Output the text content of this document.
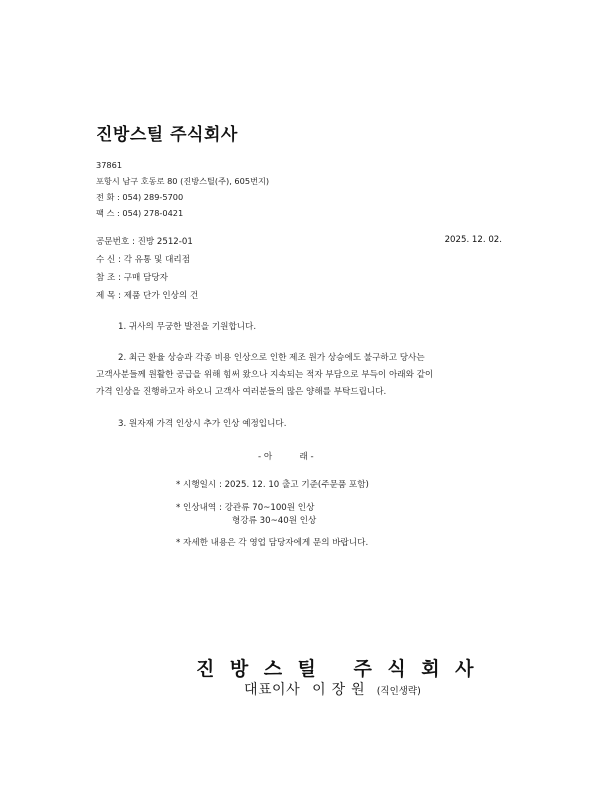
진방스틸 주식회사
37861
포항시 남구 호동로 80 (진방스틸(주), 605번지)
전 화 : 054) 289-5700
팩 스 : 054) 278-0421
공문번호 : 진방 2512-01	2025. 12. 02.
수 신 : 각 유통 및 대리점
참 조 : 구매 담당자
제 목 : 제품 단가 인상의 건
1. 귀사의 무궁한 발전을 기원합니다.
2. 최근 환율 상승과 각종 비용 인상으로 인한 제조 원가 상승에도 불구하고 당사는
고객사분들께 원활한 공급을 위해 힘써 왔으나 지속되는 적자 부담으로 부득이 아래와 같이
가격 인상을 진행하고자 하오니 고객사 여러분들의 많은 양해를 부탁드립니다.
3. 원자재 가격 인상시 추가 인상 예정입니다.
- 아          래 -
* 시행일시 : 2025. 12. 10 출고 기준(주문품 포함)
* 인상내역 : 강관류 70~100원 인상
형강류 30~40원 인상
* 자세한 내용은 각 영업 담당자에게 문의 바랍니다.
진방스틸 주식회사
대표이사 이장원 (직인생략)
